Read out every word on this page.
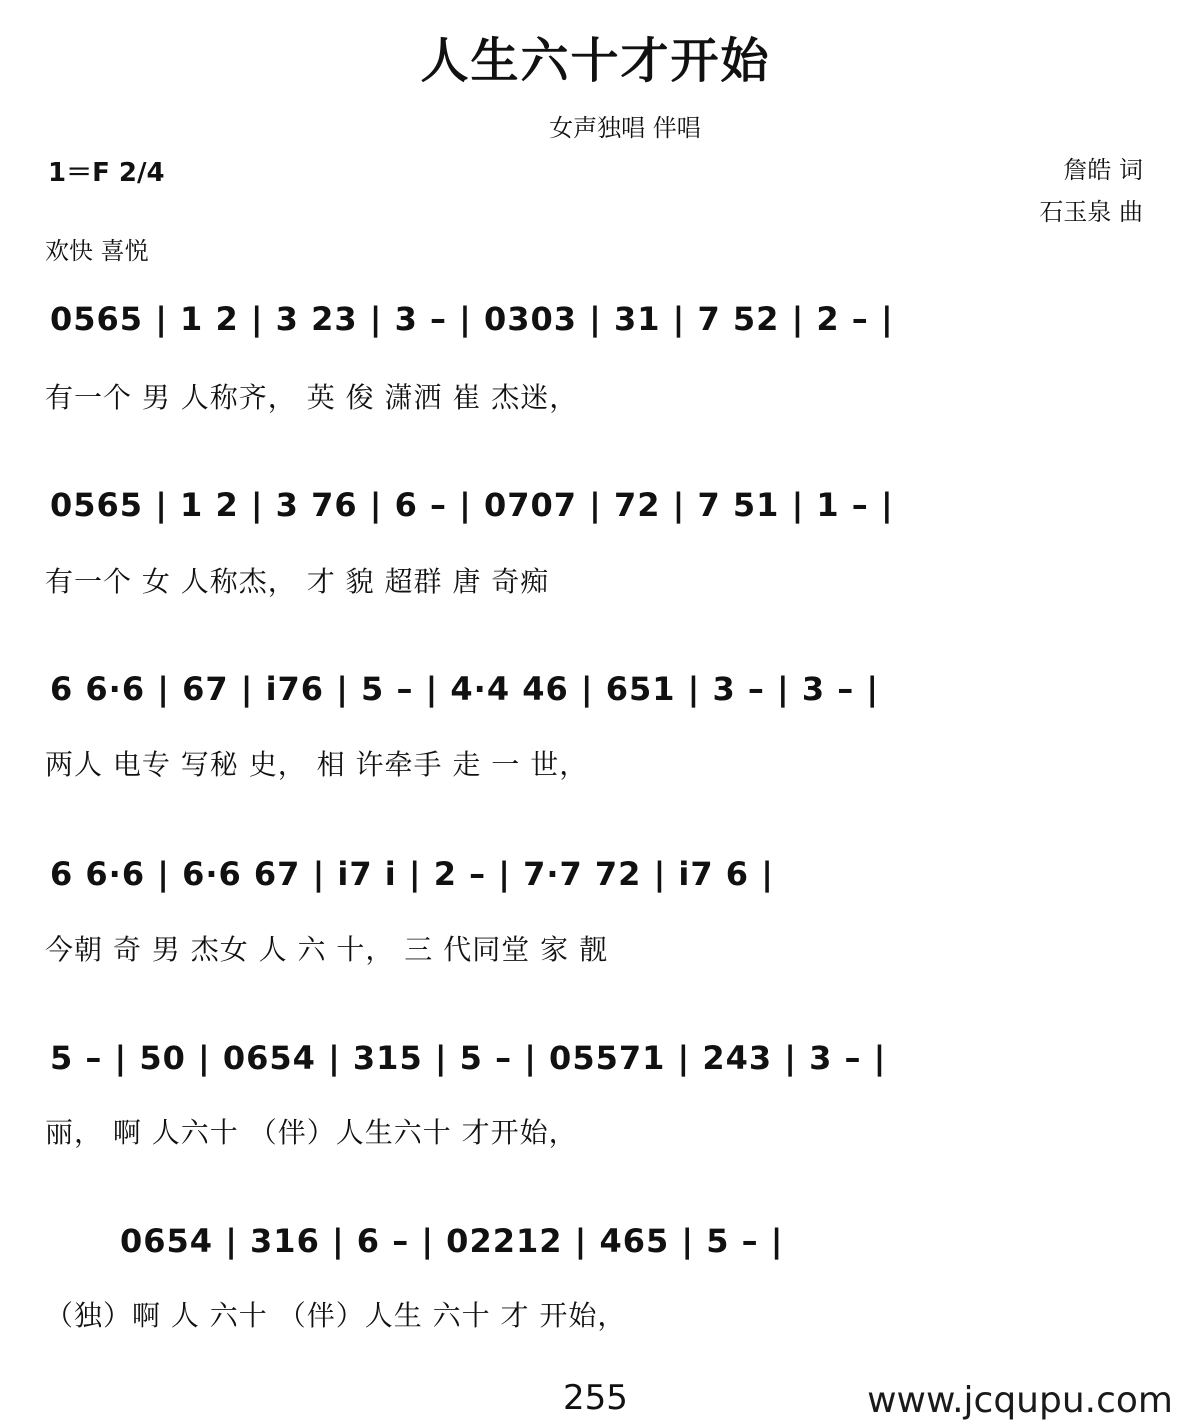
人生六十才开始
女声独唱 伴唱
1＝F 2/4	詹皓 词
石玉泉 曲
欢快 喜悦
0565 | 1 2 | 3 23 | 3 – | 0303 | 31 | 7 52 | 2 – |
有一个 男 人称齐， 英 俊 潇洒 崔 杰迷，
0565 | 1 2 | 3 76 | 6 – | 0707 | 72 | 7 51 | 1 – |
有一个 女 人称杰， 才 貌 超群 唐 奇痴
6 6·6 | 67 | i76 | 5 – | 4·4 46 | 651 | 3 – | 3 – |
两人 电专 写秘 史， 相 许牵手 走 一 世，
6 6·6 | 6·6 67 | i7 i | 2 – | 7·7 72 | i7 6 |
今朝 奇 男 杰女 人 六 十， 三 代同堂 家 靓
5 – | 50 | 0654 | 315 | 5 – | 05571 | 243 | 3 – |
丽， 啊 人六十 （伴）人生六十 才开始，
0654 | 316 | 6 – | 02212 | 465 | 5 – |
（独）啊 人 六十 （伴）人生 六十 才 开始，
255	www.jcqupu.com
